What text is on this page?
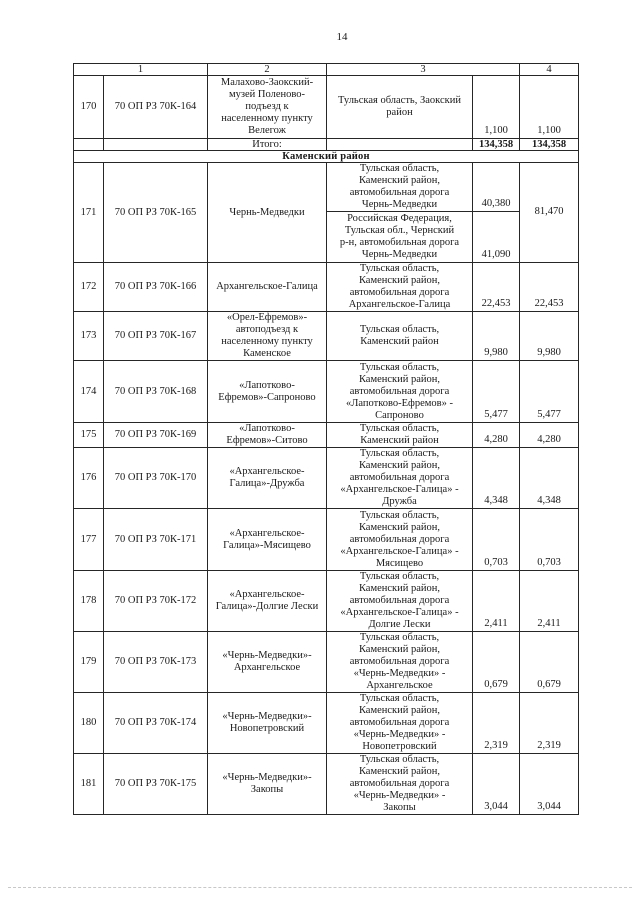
14
1		2	3		4
170	70 ОП РЗ 70К-164	Малахово-Заокский-
музей Поленово-
подъезд к
населенному пункту
Велегож	Тульская область, Заокский
район	1,100	1,100
		Итого:		134,358	134,358
Каменский район					
171	70 ОП РЗ 70К-165	Чернь-Медведки	Тульская область,
Каменский район,
автомобильная дорога
Чернь-Медведки	40,380	81,470
			Российская Федерация,
Тульская обл., Чернский
р-н, автомобильная дорога
Чернь-Медведки	41,090	
172	70 ОП РЗ 70К-166	Архангельское-Галица	Тульская область,
Каменский район,
автомобильная дорога
Архангельское-Галица	22,453	22,453
173	70 ОП РЗ 70К-167	«Орел-Ефремов»-
автоподъезд к
населенному пункту
Каменское	Тульская область,
Каменский район	9,980	9,980
174	70 ОП РЗ 70К-168	«Лапотково-
Ефремов»-Сапроново	Тульская область,
Каменский район,
автомобильная дорога
«Лапотково-Ефремов» -
Сапроново	5,477	5,477
175	70 ОП РЗ 70К-169	«Лапотково-
Ефремов»-Ситово	Тульская область,
Каменский район	4,280	4,280
176	70 ОП РЗ 70К-170	«Архангельское-
Галица»-Дружба	Тульская область,
Каменский район,
автомобильная дорога
«Архангельское-Галица» -
Дружба	4,348	4,348
177	70 ОП РЗ 70К-171	«Архангельское-
Галица»-Мясищево	Тульская область,
Каменский район,
автомобильная дорога
«Архангельское-Галица» -
Мясищево	0,703	0,703
178	70 ОП РЗ 70К-172	«Архангельское-
Галица»-Долгие Лески	Тульская область,
Каменский район,
автомобильная дорога
«Архангельское-Галица» -
Долгие Лески	2,411	2,411
179	70 ОП РЗ 70К-173	«Чернь-Медведки»-
Архангельское	Тульская область,
Каменский район,
автомобильная дорога
«Чернь-Медведки» -
Архангельское	0,679	0,679
180	70 ОП РЗ 70К-174	«Чернь-Медведки»-
Новопетровский	Тульская область,
Каменский район,
автомобильная дорога
«Чернь-Медведки» -
Новопетровский	2,319	2,319
181	70 ОП РЗ 70К-175	«Чернь-Медведки»-
Закопы	Тульская область,
Каменский район,
автомобильная дорога
«Чернь-Медведки» -
Закопы	3,044	3,044
